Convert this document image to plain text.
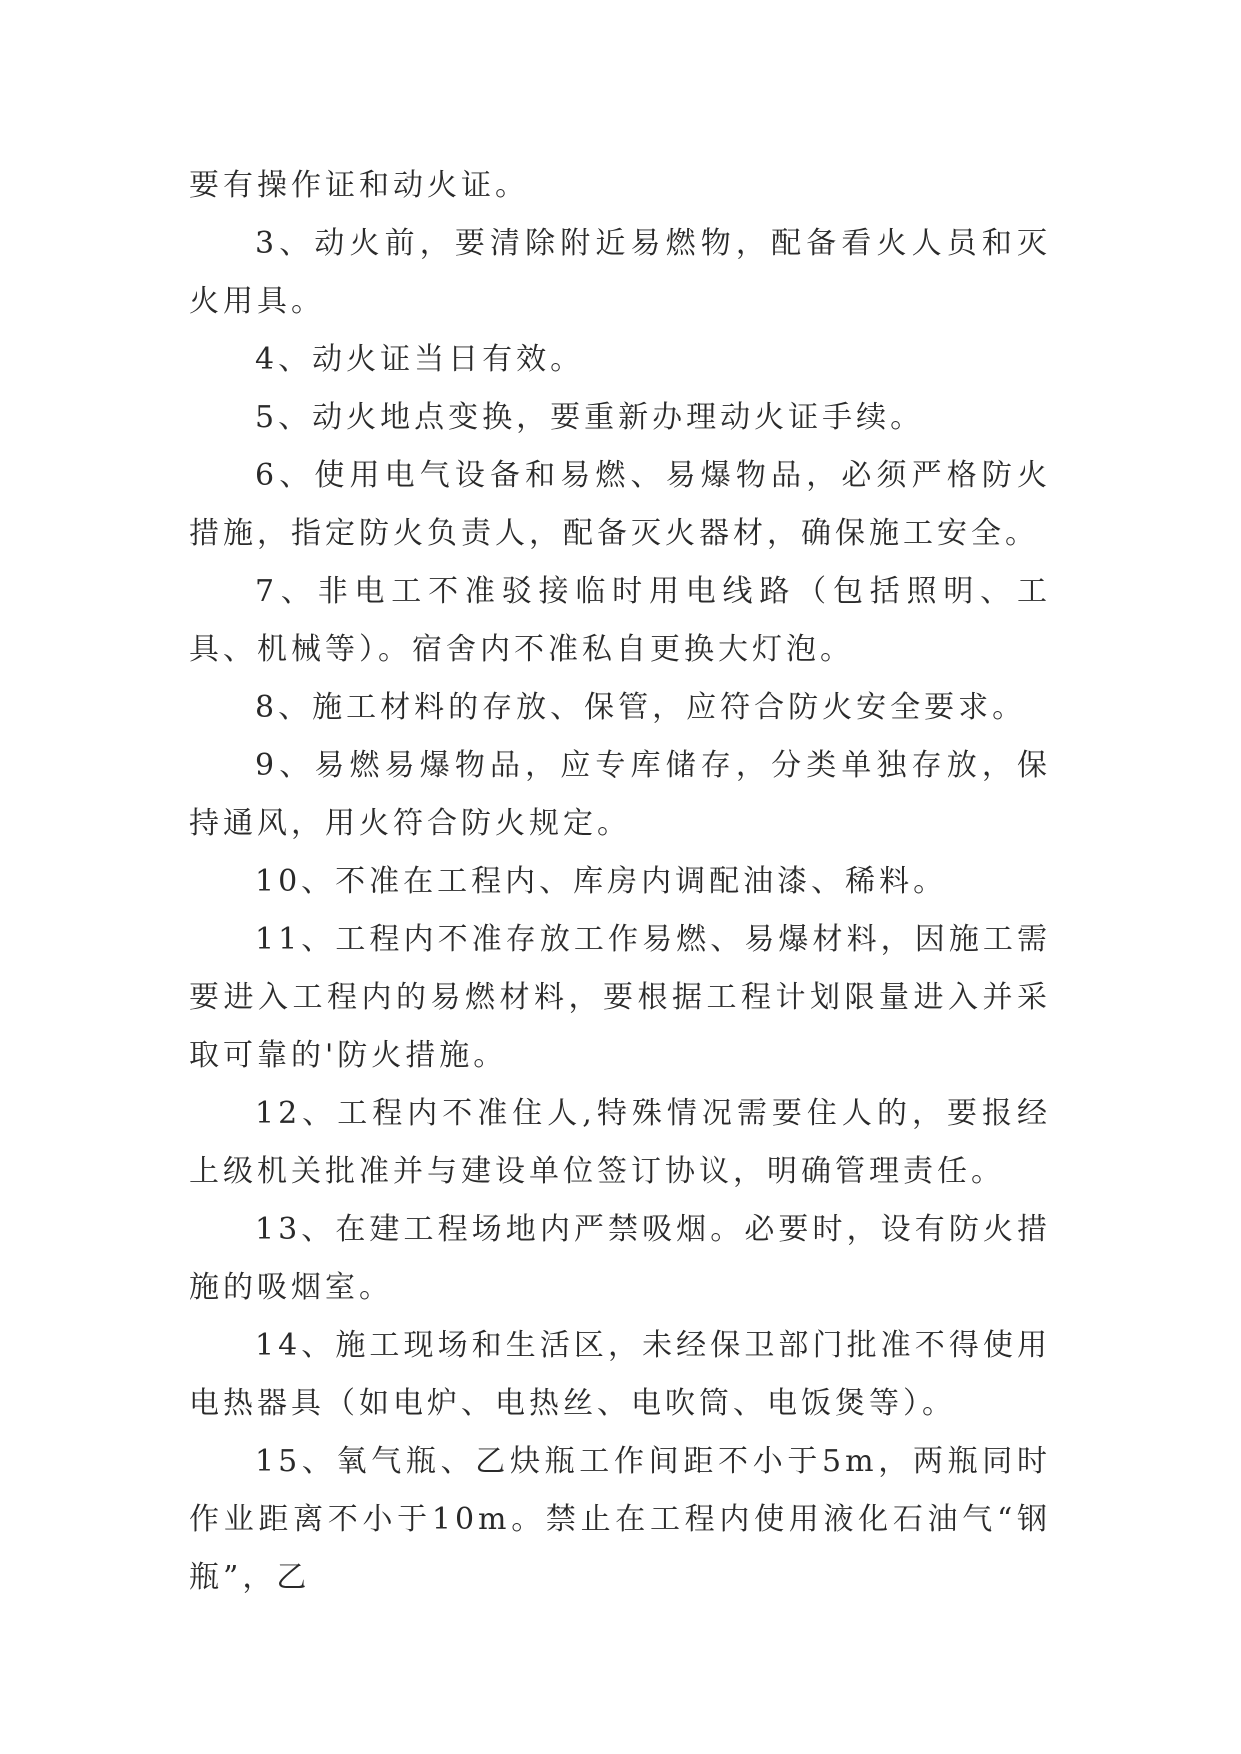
要有操作证和动火证。

3、动火前，要清除附近易燃物，配备看火人员和灭火用具。

4、动火证当日有效。

5、动火地点变换，要重新办理动火证手续。

6、使用电气设备和易燃、易爆物品，必须严格防火措施，指定防火负责人，配备灭火器材，确保施工安全。

7、非电工不准驳接临时用电线路（包括照明、工具、机械等）。宿舍内不准私自更换大灯泡。

8、施工材料的存放、保管，应符合防火安全要求。

9、易燃易爆物品，应专库储存，分类单独存放，保持通风，用火符合防火规定。

10、不准在工程内、库房内调配油漆、稀料。

11、工程内不准存放工作易燃、易爆材料，因施工需要进入工程内的易燃材料，要根据工程计划限量进入并采取可靠的'防火措施。

12、工程内不准住人,特殊情况需要住人的，要报经上级机关批准并与建设单位签订协议，明确管理责任。

13、在建工程场地内严禁吸烟。必要时，设有防火措施的吸烟室。

14、施工现场和生活区，未经保卫部门批准不得使用电热器具（如电炉、电热丝、电吹筒、电饭煲等）。

15、氧气瓶、乙炔瓶工作间距不小于5m，两瓶同时作业距离不小于10m。禁止在工程内使用液化石油气“钢瓶”，乙
